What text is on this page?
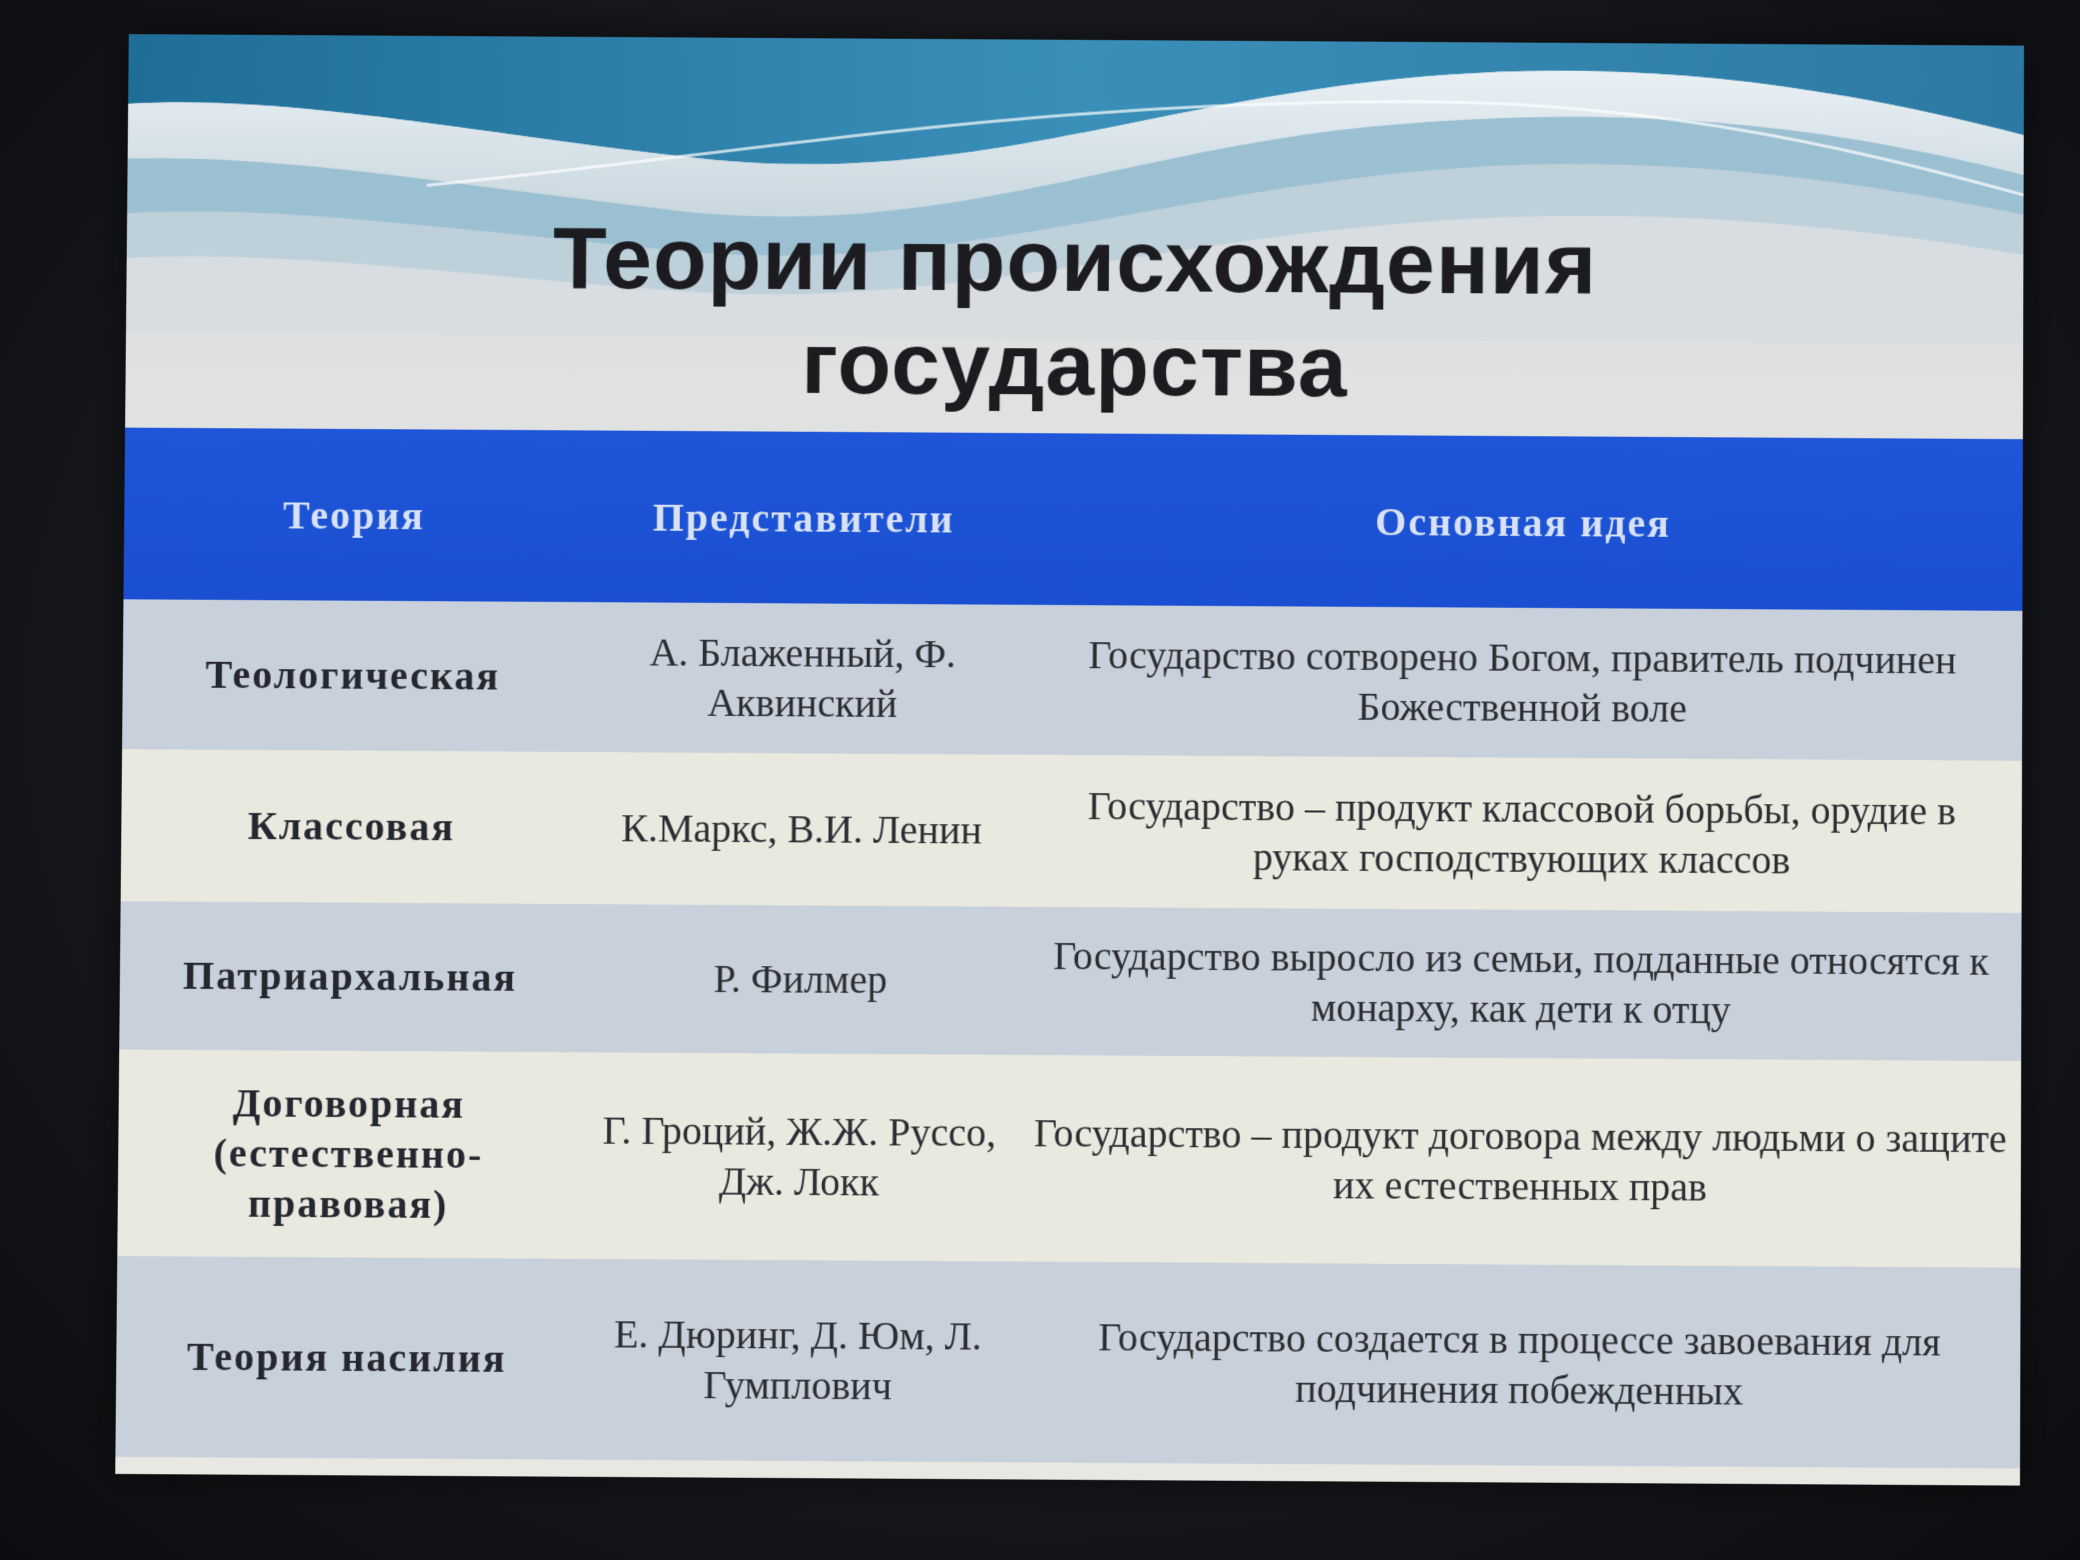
Теории происхождения
государства
Теория	Представители	Основная идея
Теологическая	А. Блаженный, Ф. Аквинский	Государство сотворено Богом, правитель подчинен Божественной воле
Классовая	К.Маркс, В.И. Ленин	Государство – продукт классовой борьбы, орудие в руках господствующих классов
Патриархальная	Р. Филмер	Государство выросло из семьи, подданные относятся к монарху, как дети к отцу
Договорная (естественно-правовая)	Г. Гроций, Ж.Ж. Руссо, Дж. Локк	Государство – продукт договора между людьми о защите их естественных прав
Теория насилия	Е. Дюринг, Д. Юм, Л. Гумплович	Государство создается в процессе завоевания для подчинения побежденных
